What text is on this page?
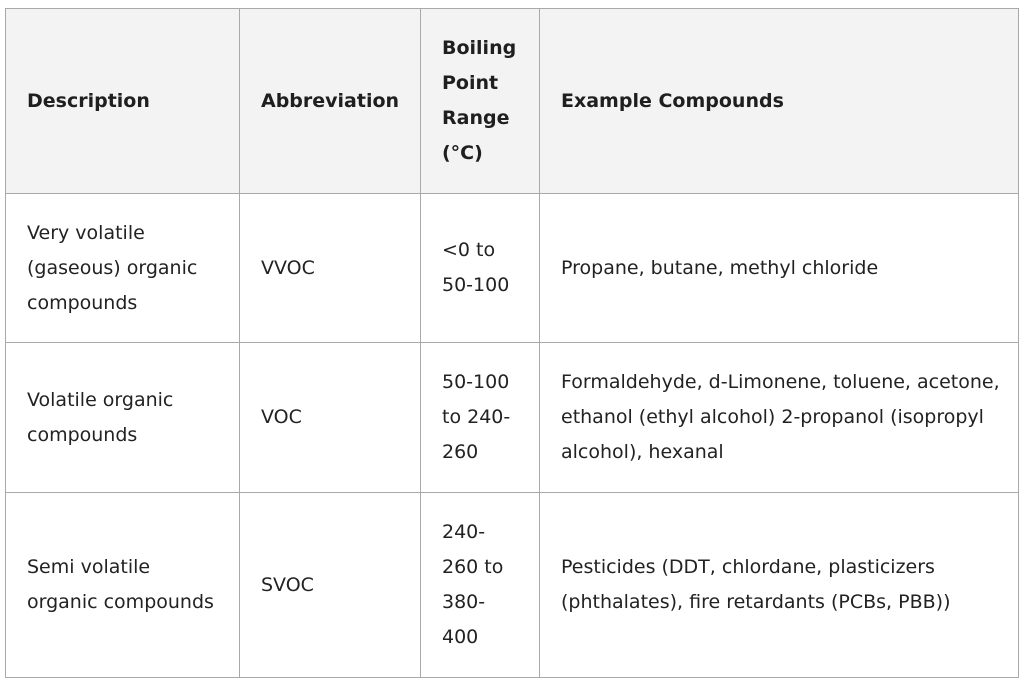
Description	Abbreviation	Boiling Point Range (°C)	Example Compounds

Very volatile (gaseous) organic compounds	VVOC	<0 to 50-100	Propane, butane, methyl chloride

Volatile organic compounds	VOC	50-100 to 240-260	Formaldehyde, d-Limonene, toluene, acetone, ethanol (ethyl alcohol) 2-propanol (isopropyl alcohol), hexanal

Semi volatile organic compounds	SVOC	240-260 to 380-400	Pesticides (DDT, chlordane, plasticizers (phthalates), fire retardants (PCBs, PBB))
